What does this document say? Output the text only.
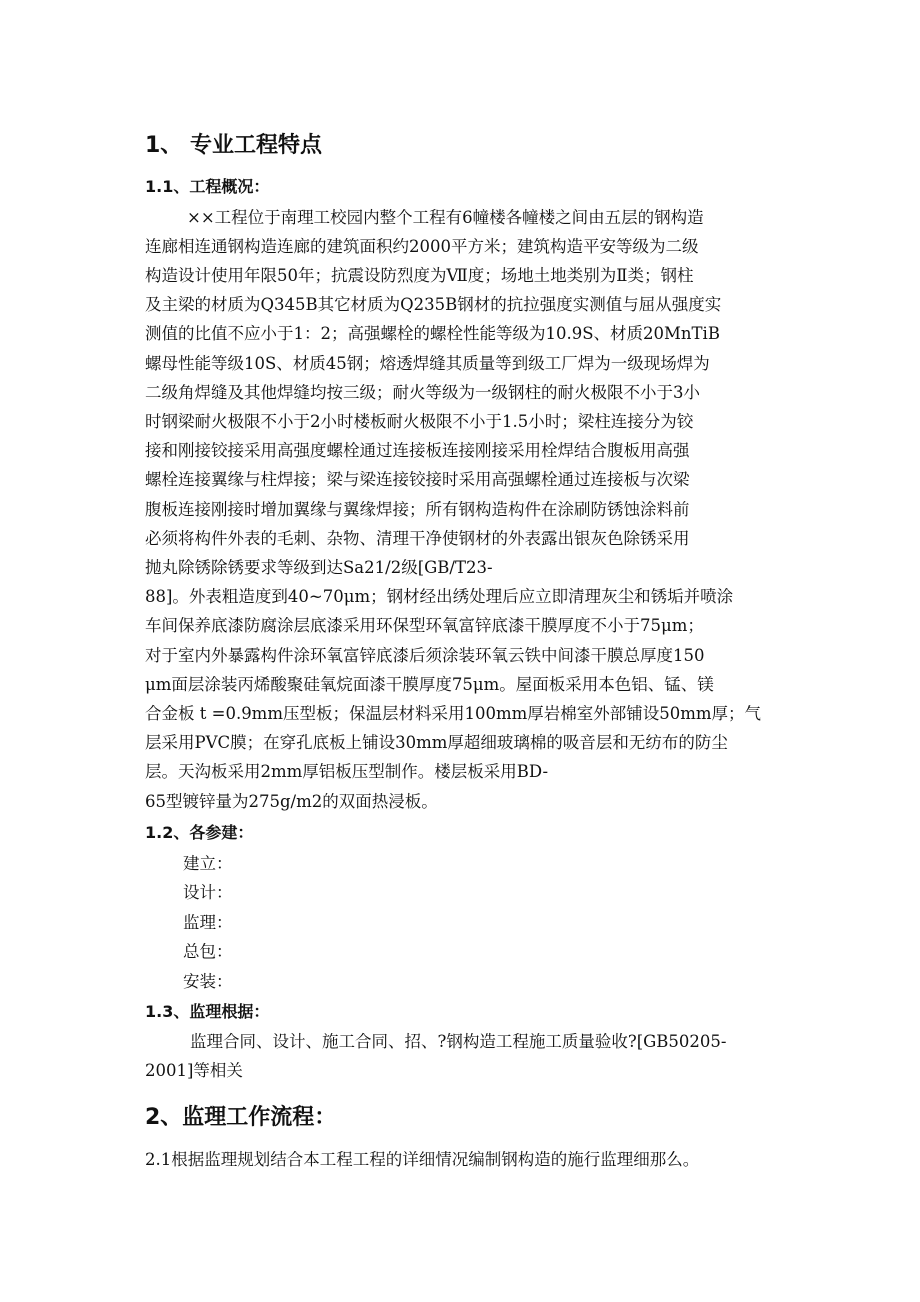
1、 专业工程特点
1.1、工程概况：

××工程位于南理工校园内整个工程有6幢楼各幢楼之间由五层的钢构造

连廊相连通钢构造连廊的建筑面积约2000平方米；建筑构造平安等级为二级

构造设计使用年限50年；抗震设防烈度为Ⅶ度；场地土地类别为Ⅱ类；钢柱

及主梁的材质为Q345B其它材质为Q235B钢材的抗拉强度实测值与屈从强度实

测值的比值不应小于1：2；高强螺栓的螺栓性能等级为10.9S、材质20MnTiB

螺母性能等级10S、材质45钢；熔透焊缝其质量等到级工厂焊为一级现场焊为

二级角焊缝及其他焊缝均按三级；耐火等级为一级钢柱的耐火极限不小于3小

时钢梁耐火极限不小于2小时楼板耐火极限不小于1.5小时；梁柱连接分为铰

接和刚接铰接采用高强度螺栓通过连接板连接刚接采用栓焊结合腹板用高强

螺栓连接翼缘与柱焊接；梁与梁连接铰接时采用高强螺栓通过连接板与次梁

腹板连接刚接时增加翼缘与翼缘焊接；所有钢构造构件在涂刷防锈蚀涂料前

必须将构件外表的毛刺、杂物、清理干净使钢材的外表露出银灰色除锈采用

抛丸除锈除锈要求等级到达Sa21/2级[GB/T23-

88]。外表粗造度到40~70μm；钢材经出绣处理后应立即清理灰尘和锈垢并喷涂

车间保养底漆防腐涂层底漆采用环保型环氧富锌底漆干膜厚度不小于75μm；

对于室内外暴露构件涂环氧富锌底漆后须涂装环氧云铁中间漆干膜总厚度150

μm面层涂装丙烯酸聚硅氧烷面漆干膜厚度75μm。屋面板采用本色铝、锰、镁

合金板 t =0.9mm压型板；保温层材料采用100mm厚岩棉室外部铺设50mm厚；气

层采用PVC膜；在穿孔底板上铺设30mm厚超细玻璃棉的吸音层和无纺布的防尘

层。天沟板采用2mm厚铝板压型制作。楼层板采用BD-

65型镀锌量为275g/m2的双面热浸板。

1.2、各参建：

建立：

设计：

监理：

总包：

安装：

1.3、监理根据：

监理合同、设计、施工合同、招、?钢构造工程施工质量验收?[GB50205-

2001]等相关

2、监理工作流程：

2.1根据监理规划结合本工程工程的详细情况编制钢构造的施行监理细那么。
